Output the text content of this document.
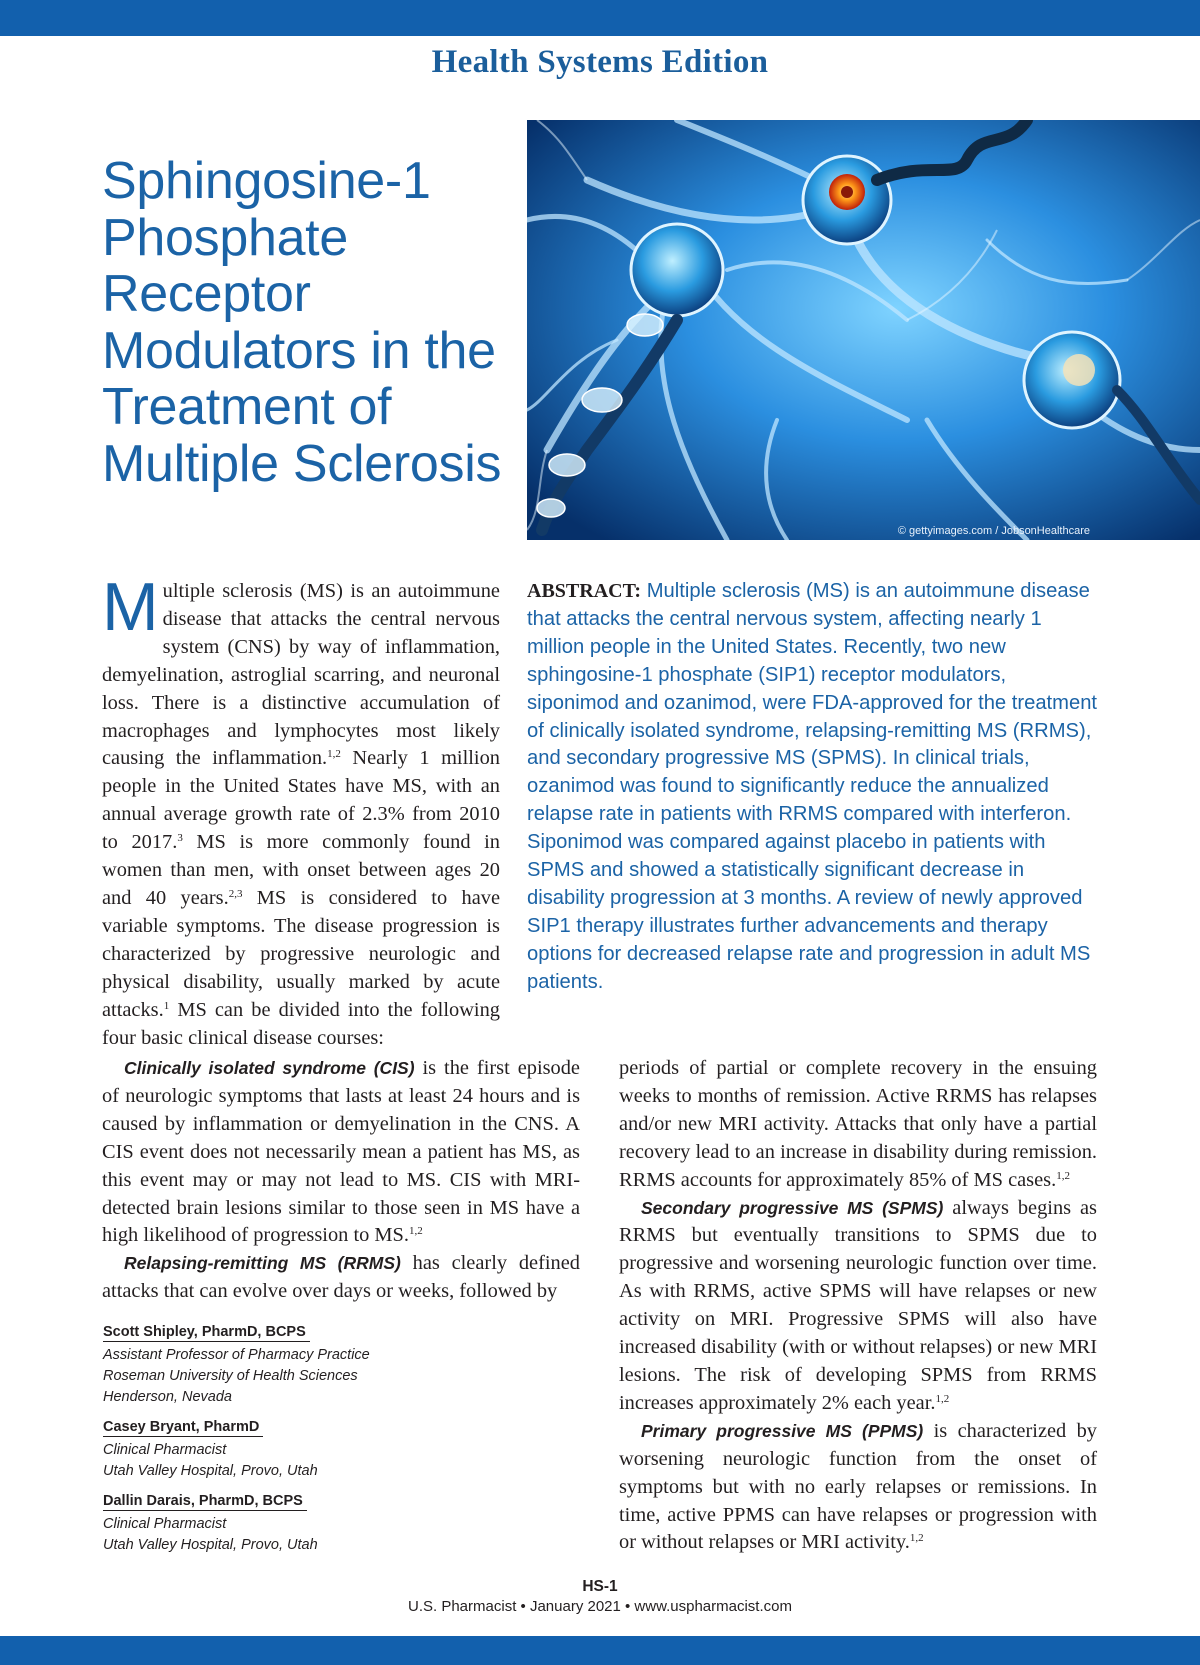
Health Systems Edition
Sphingosine-1 Phosphate Receptor Modulators in the Treatment of Multiple Sclerosis
© gettyimages.com / JobsonHealthcare

Multiple sclerosis (MS) is an autoimmune disease that attacks the central nervous system (CNS) by way of inflammation, demyelination, astroglial scarring, and neuronal loss. There is a distinctive accumulation of macrophages and lymphocytes most likely causing the inflammation.$^{1,2}$ Nearly 1 million people in the United States have MS, with an annual average growth rate of 2.3% from 2010 to 2017.$^3$ MS is more commonly found in women than men, with onset between ages 20 and 40 years.$^{2,3}$ MS is considered to have variable symptoms. The disease progression is characterized by progressive neurologic and physical disability, usually marked by acute attacks.$^1$ MS can be divided into the following four basic clinical disease courses:

ABSTRACT: Multiple sclerosis (MS) is an autoimmune disease that attacks the central nervous system, affecting nearly 1 million people in the United States. Recently, two new sphingosine-1 phosphate (SIP1) receptor modulators, siponimod and ozanimod, were FDA-approved for the treatment of clinically isolated syndrome, relapsing-remitting MS (RRMS), and secondary progressive MS (SPMS). In clinical trials, ozanimod was found to significantly reduce the annualized relapse rate in patients with RRMS compared with interferon. Siponimod was compared against placebo in patients with SPMS and showed a statistically significant decrease in disability progression at 3 months. A review of newly approved SIP1 therapy illustrates further advancements and therapy options for decreased relapse rate and progression in adult MS patients.

Clinically isolated syndrome (CIS) is the first episode of neurologic symptoms that lasts at least 24 hours and is caused by inflammation or demyelination in the CNS. A CIS event does not necessarily mean a patient has MS, as this event may or may not lead to MS. CIS with MRI-detected brain lesions similar to those seen in MS have a high likelihood of progression to MS.$^{1,2}$

Relapsing-remitting MS (RRMS) has clearly defined attacks that can evolve over days or weeks, followed by

periods of partial or complete recovery in the ensuing weeks to months of remission. Active RRMS has relapses and/or new MRI activity. Attacks that only have a partial recovery lead to an increase in disability during remission. RRMS accounts for approximately 85% of MS cases.$^{1,2}$

Secondary progressive MS (SPMS) always begins as RRMS but eventually transitions to SPMS due to progressive and worsening neurologic function over time. As with RRMS, active SPMS will have relapses or new activity on MRI. Progressive SPMS will also have increased disability (with or without relapses) or new MRI lesions. The risk of developing SPMS from RRMS increases approximately 2% each year.$^{1,2}$

Primary progressive MS (PPMS) is characterized by worsening neurologic function from the onset of symptoms but with no early relapses or remissions. In time, active PPMS can have relapses or progression with or without relapses or MRI activity.$^{1,2}$

Scott Shipley, PharmD, BCPS
Assistant Professor of Pharmacy Practice
Roseman University of Health Sciences
Henderson, Nevada
Casey Bryant, PharmD
Clinical Pharmacist
Utah Valley Hospital, Provo, Utah
Dallin Darais, PharmD, BCPS
Clinical Pharmacist
Utah Valley Hospital, Provo, Utah
HS-1
U.S. Pharmacist • January 2021 • www.uspharmacist.com
